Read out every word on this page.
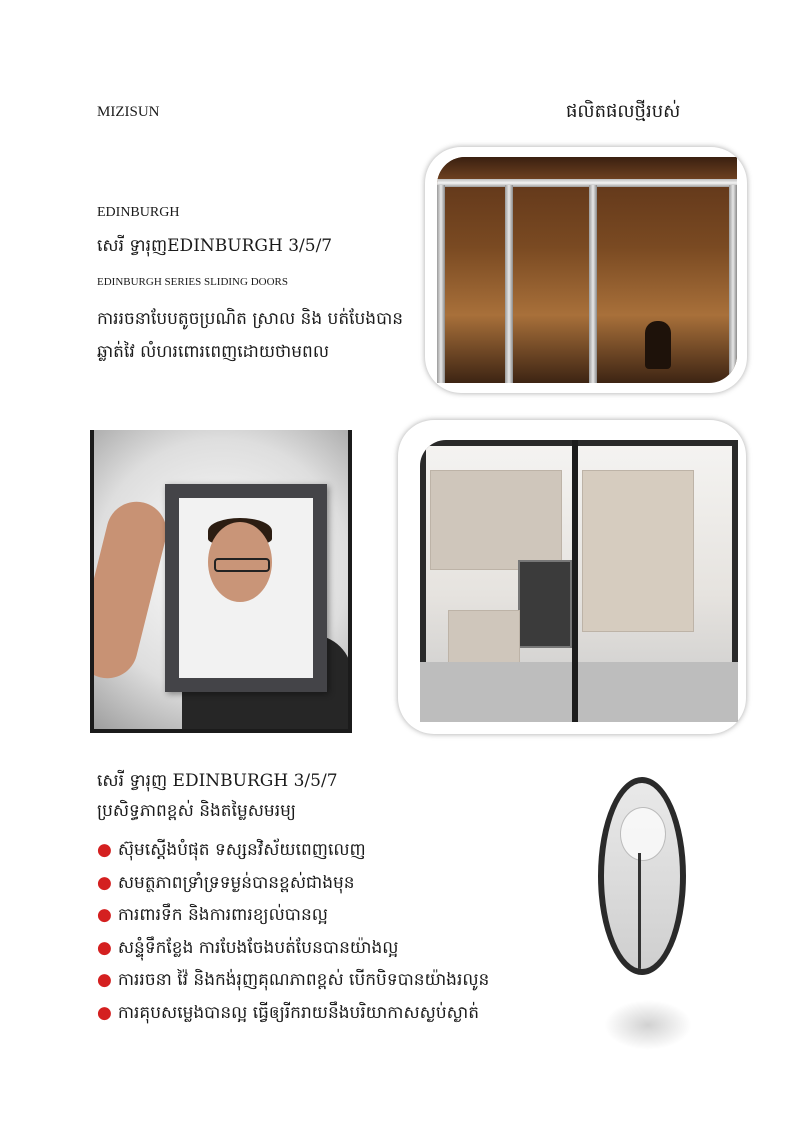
MIZISUN	ផលិតផលថ្មីរបស់
EDINBURGH
សេរី ទ្វារុញEDINBURGH 3/5/7
EDINBURGH SERIES SLIDING DOORS
ការរចនាបែបតូចប្រណិត ស្រាល និង បត់បែងបានឆ្លាត់វៃ លំហរពោរពេញដោយថាមពល
សេរី ទ្វារុញ EDINBURGH 3/5/7
ប្រសិទ្ធភាពខ្ពស់ និងតម្លៃសមរម្យ
● ស៊ុមស្តើងបំផុត ទស្សនវិស័យពេញលេញ
● សមត្ថភាពទ្រាំទ្រទម្ងន់បានខ្ពស់ជាងមុន
● ការពារទឹក និងការពារខ្យល់បានល្អ
● សន្ទុំទឹកខ្លែង ការបែងចែងបត់បែនបានយ៉ាងល្អ
● ការរចនា វ៉ៃ និងកង់រុញគុណភាពខ្ពស់ បើកបិទបានយ៉ាងរលូន
● ការគុបសម្លេងបានល្អ ធ្វើឲ្យរីករាយនឹងបរិយាកាសស្ងប់ស្ងាត់
